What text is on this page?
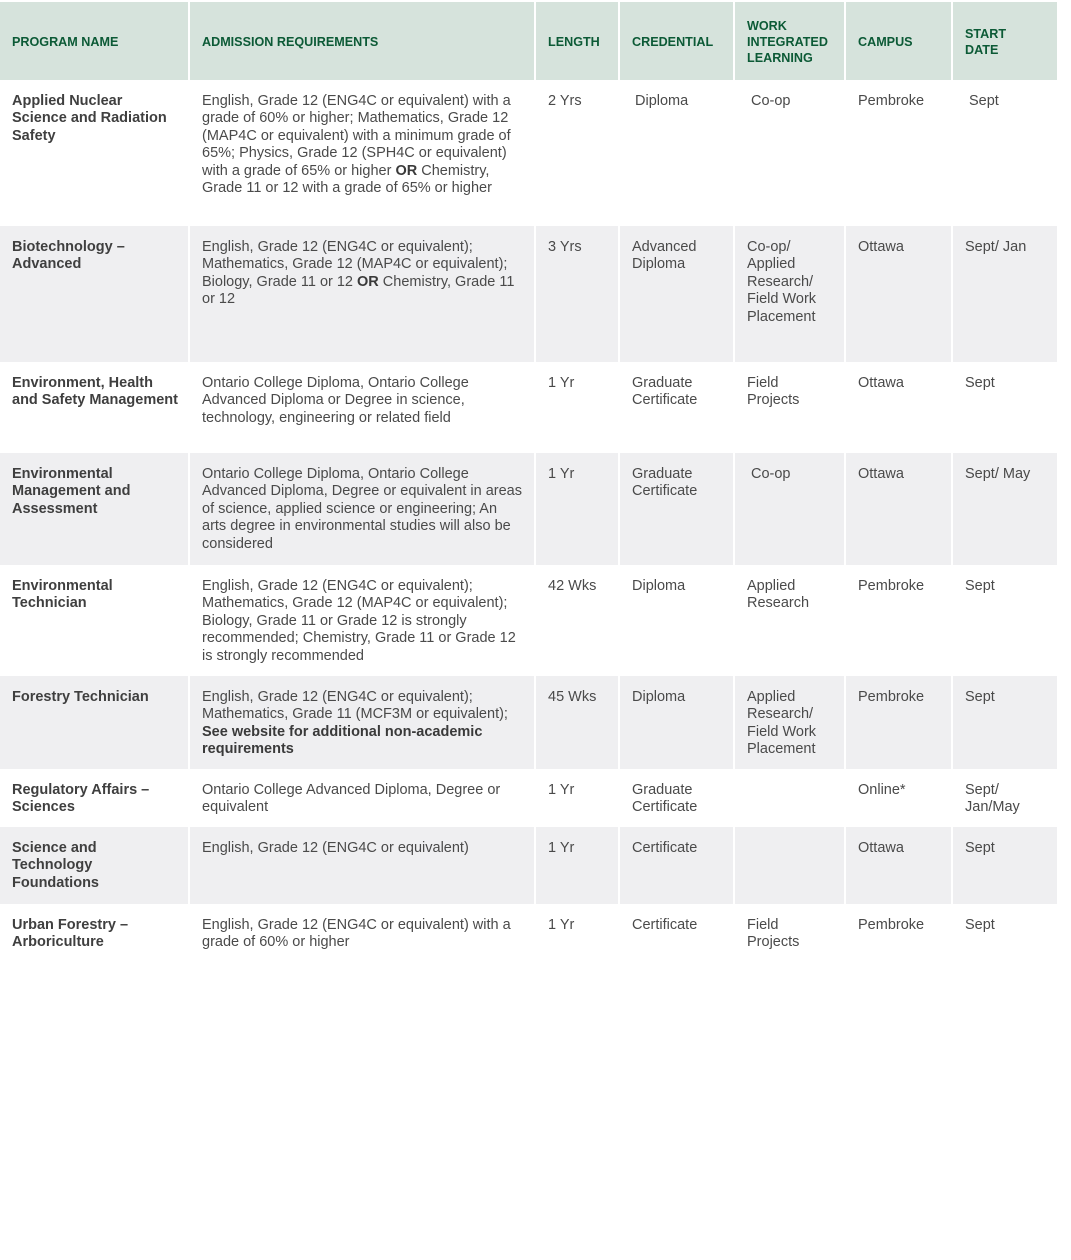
PROGRAM NAME	ADMISSION REQUIREMENTS	LENGTH	CREDENTIAL	WORK INTEGRATED LEARNING	CAMPUS	START DATE
Applied Nuclear Science and Radiation Safety	English, Grade 12 (ENG4C or equivalent) with a grade of 60% or higher; Mathematics, Grade 12 (MAP4C or equivalent) with a minimum grade of 65%; Physics, Grade 12 (SPH4C or equivalent) with a grade of 65% or higher OR Chemistry, Grade 11 or 12 with a grade of 65% or higher	2 Yrs	Diploma	Co-op	Pembroke	Sept
Biotechnology – Advanced	English, Grade 12 (ENG4C or equivalent); Mathematics, Grade 12 (MAP4C or equivalent); Biology, Grade 11 or 12 OR Chemistry, Grade 11 or 12	3 Yrs	Advanced Diploma	Co-op/ Applied Research/ Field Work Placement	Ottawa	Sept/ Jan
Environment, Health and Safety Management	Ontario College Diploma, Ontario College Advanced Diploma or Degree in science, technology, engineering or related field	1 Yr	Graduate Certificate	Field Projects	Ottawa	Sept
Environmental Management and Assessment	Ontario College Diploma, Ontario College Advanced Diploma, Degree or equivalent in areas of science, applied science or engineering; An arts degree in environmental studies will also be considered	1 Yr	Graduate Certificate	Co-op	Ottawa	Sept/ May
Environmental Technician	English, Grade 12 (ENG4C or equivalent); Mathematics, Grade 12 (MAP4C or equivalent); Biology, Grade 11 or Grade 12 is strongly recommended; Chemistry, Grade 11 or Grade 12 is strongly recommended	42 Wks	Diploma	Applied Research	Pembroke	Sept
Forestry Technician	English, Grade 12 (ENG4C or equivalent); Mathematics, Grade 11 (MCF3M or equivalent); See website for additional non-academic requirements	45 Wks	Diploma	Applied Research/ Field Work Placement	Pembroke	Sept
Regulatory Affairs – Sciences	Ontario College Advanced Diploma, Degree or equivalent	1 Yr	Graduate Certificate		Online*	Sept/ Jan/May
Science and Technology Foundations	English, Grade 12 (ENG4C or equivalent)	1 Yr	Certificate		Ottawa	Sept
Urban Forestry – Arboriculture	English, Grade 12 (ENG4C or equivalent) with a grade of 60% or higher	1 Yr	Certificate	Field Projects	Pembroke	Sept
